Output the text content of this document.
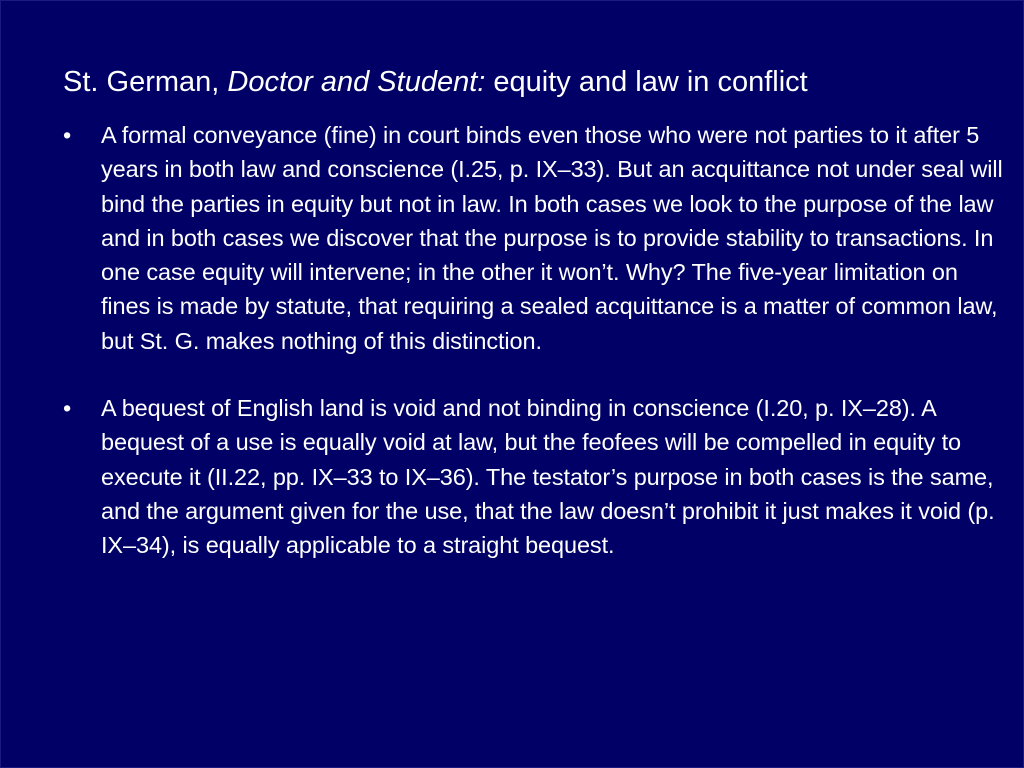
St. German, Doctor and Student: equity and law in conflict
• A formal conveyance (fine) in court binds even those who were not parties to it after 5 years in both law and conscience (I.25, p. IX–33). But an acquittance not under seal will bind the parties in equity but not in law. In both cases we look to the purpose of the law and in both cases we discover that the purpose is to provide stability to transactions. In one case equity will intervene; in the other it won’t. Why? The five-year limitation on fines is made by statute, that requiring a sealed acquittance is a matter of common law, but St. G. makes nothing of this distinction.
• A bequest of English land is void and not binding in conscience (I.20, p. IX–28). A bequest of a use is equally void at law, but the feofees will be compelled in equity to execute it (II.22, pp. IX–33 to IX–36). The testator’s purpose in both cases is the same, and the argument given for the use, that the law doesn’t prohibit it just makes it void (p. IX–34), is equally applicable to a straight bequest.
